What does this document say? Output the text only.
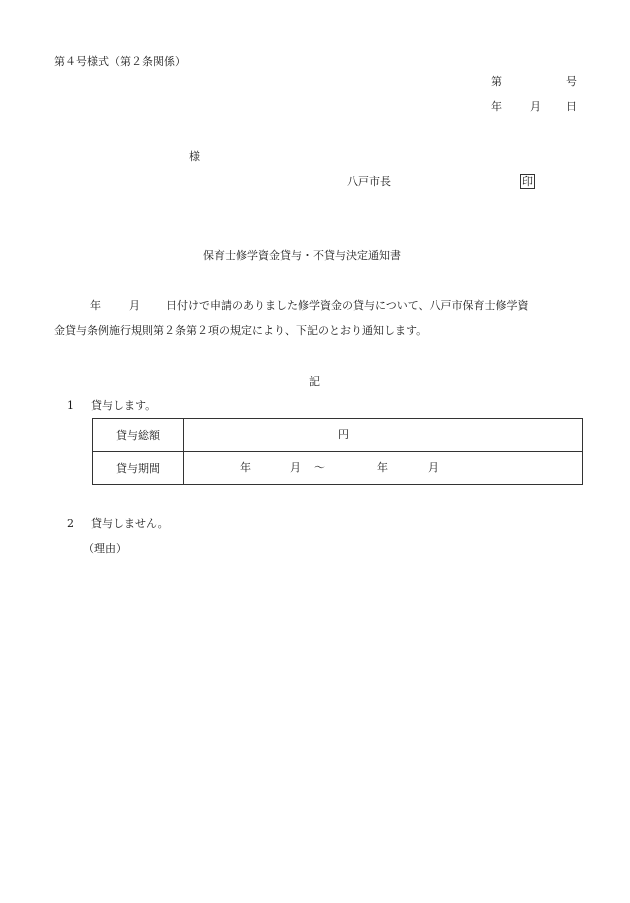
第４号様式（第２条関係）
第	号
年	月 日
様
八戸市長	印
保育士修学資金貸与・不貸与決定通知書
年	月 日付けで申請のありました修学資金の貸与について、八戸市保育士修学資
金貸与条例施行規則第２条第２項の規定により、下記のとおり通知します。
記
1 貸与します。
貸与総額	円

貸与期間	年 月 ～ 年 月
2 貸与しません。
（理由）
